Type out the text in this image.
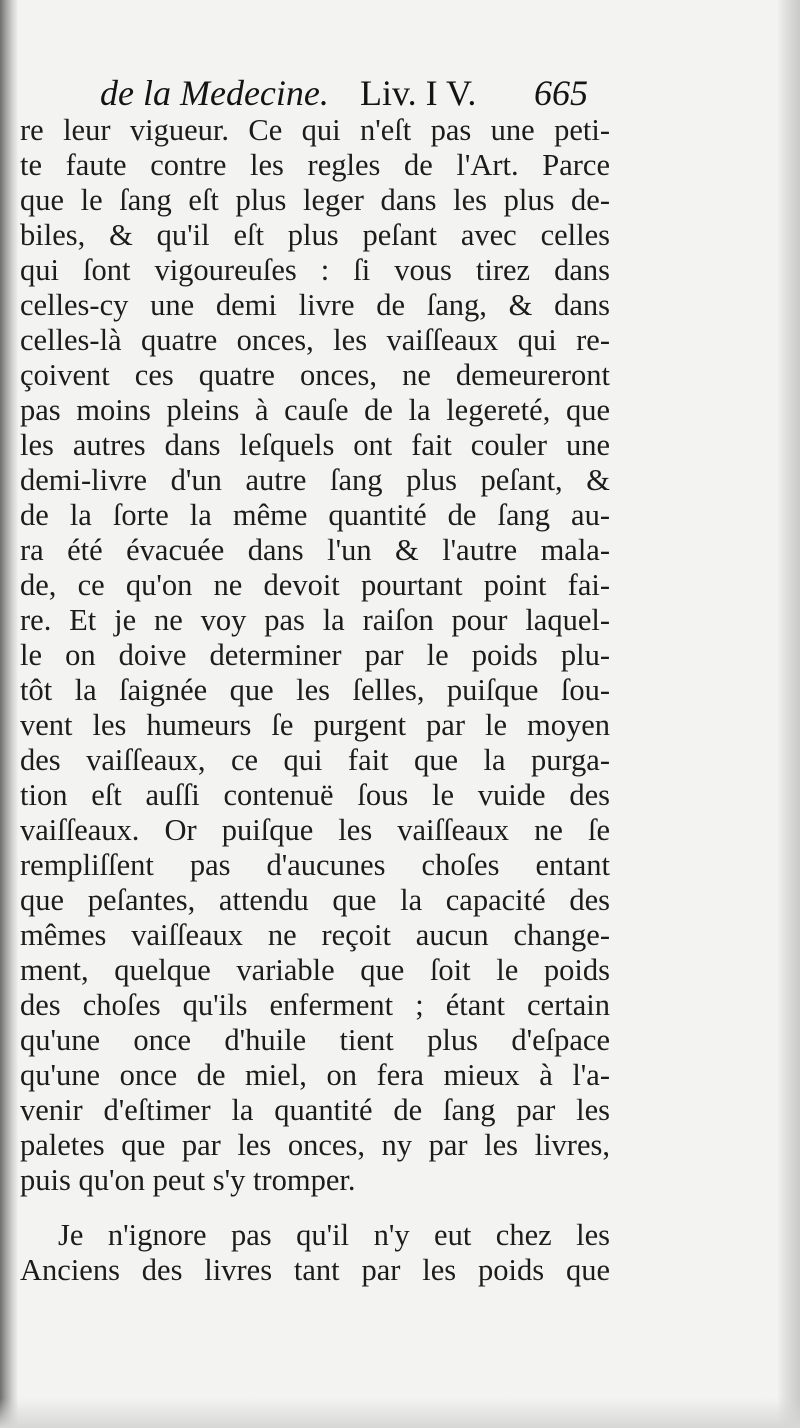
de la Medecine. Liv. I V. 665
re leur vigueur. Ce qui n'eſt pas une peti-
te faute contre les regles de l'Art. Parce
que le ſang eſt plus leger dans les plus de-
biles, & qu'il eſt plus peſant avec celles
qui ſont vigoureuſes : ſi vous tirez dans
celles-cy une demi livre de ſang, & dans
celles-là quatre onces, les vaiſſeaux qui re-
çoivent ces quatre onces, ne demeureront
pas moins pleins à cauſe de la legereté, que
les autres dans leſquels ont fait couler une
demi-livre d'un autre ſang plus peſant, &
de la ſorte la même quantité de ſang au-
ra été évacuée dans l'un & l'autre mala-
de, ce qu'on ne devoit pourtant point fai-
re. Et je ne voy pas la raiſon pour laquel-
le on doive determiner par le poids plu-
tôt la ſaignée que les ſelles, puiſque ſou-
vent les humeurs ſe purgent par le moyen
des vaiſſeaux, ce qui fait que la purga-
tion eſt auſſi contenuë ſous le vuide des
vaiſſeaux. Or puiſque les vaiſſeaux ne ſe
rempliſſent pas d'aucunes choſes entant
que peſantes, attendu que la capacité des
mêmes vaiſſeaux ne reçoit aucun change-
ment, quelque variable que ſoit le poids
des choſes qu'ils enferment ; étant certain
qu'une once d'huile tient plus d'eſpace
qu'une once de miel, on fera mieux à l'a-
venir d'eſtimer la quantité de ſang par les
paletes que par les onces, ny par les livres,
puis qu'on peut s'y tromper.
Je n'ignore pas qu'il n'y eut chez les
Anciens des livres tant par les poids que
